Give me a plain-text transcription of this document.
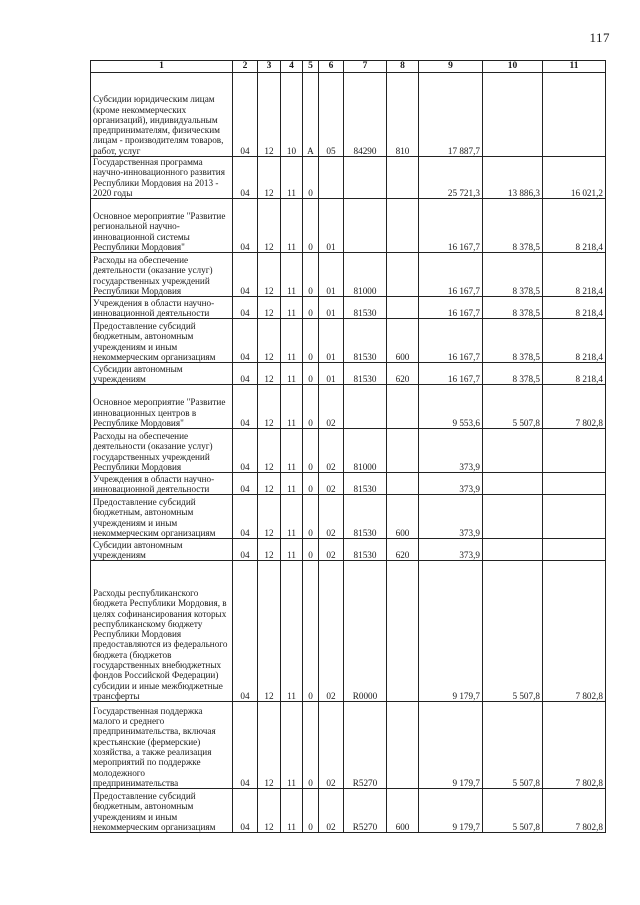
117
1	2	3	4	5	6	7	8	9	10	11
Субсидии юридическим лицам (кроме некоммерческих организаций), индивидуальным предпринимателям, физическим лицам - производителям товаров, работ, услуг	04	12	10	А	05	84290	810	17 887,7		
Государственная программа научно-инновационного развития Республики Мордовия на 2013 - 2020 годы	04	12	11	0				25 721,3	13 886,3	16 021,2
Основное мероприятие "Развитие региональной научно-инновационной системы Республики Мордовия"	04	12	11	0	01			16 167,7	8 378,5	8 218,4
Расходы на обеспечение деятельности (оказание услуг) государственных учреждений Республики Мордовия	04	12	11	0	01	81000		16 167,7	8 378,5	8 218,4
Учреждения в области научно-инновационной деятельности	04	12	11	0	01	81530		16 167,7	8 378,5	8 218,4
Предоставление субсидий бюджетным, автономным учреждениям и иным некоммерческим организациям	04	12	11	0	01	81530	600	16 167,7	8 378,5	8 218,4
Субсидии автономным учреждениям	04	12	11	0	01	81530	620	16 167,7	8 378,5	8 218,4
Основное мероприятие "Развитие инновационных центров в Республике Мордовия"	04	12	11	0	02			9 553,6	5 507,8	7 802,8
Расходы на обеспечение деятельности (оказание услуг) государственных учреждений Республики Мордовия	04	12	11	0	02	81000		373,9		
Учреждения в области научно-инновационной деятельности	04	12	11	0	02	81530		373,9		
Предоставление субсидий бюджетным, автономным учреждениям и иным некоммерческим организациям	04	12	11	0	02	81530	600	373,9		
Субсидии автономным учреждениям	04	12	11	0	02	81530	620	373,9		
Расходы республиканского бюджета Республики Мордовия, в целях софинансирования которых республиканскому бюджету Республики Мордовия предоставляются из федерального бюджета (бюджетов государственных внебюджетных фондов Российской Федерации) субсидии и иные межбюджетные трансферты	04	12	11	0	02	R0000		9 179,7	5 507,8	7 802,8
Государственная поддержка малого и среднего предпринимательства, включая крестьянские (фермерские) хозяйства, а также реализация мероприятий по поддержке молодежного предпринимательства	04	12	11	0	02	R5270		9 179,7	5 507,8	7 802,8
Предоставление субсидий бюджетным, автономным учреждениям и иным некоммерческим организациям	04	12	11	0	02	R5270	600	9 179,7	5 507,8	7 802,8
